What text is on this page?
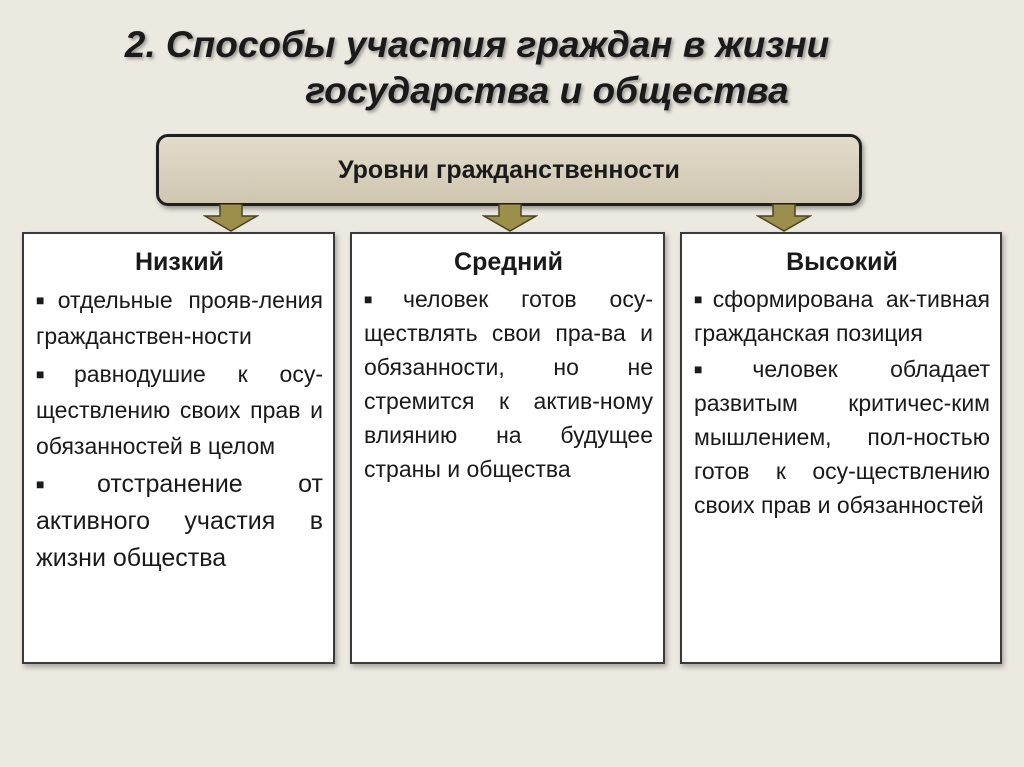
2. Способы участия граждан в жизни
государства и общества
Уровни гражданственности
Низкий

■ отдельные прояв-ления гражданствен-ности

■ равнодушие к осу-ществлению своих прав и обязанностей в целом

■ отстранение от активного участия в жизни общества

Средний

■ человек готов осу-ществлять свои пра-ва и обязанности, но не стремится к актив-ному влиянию на будущее страны и общества

Высокий

■ сформирована ак-тивная гражданская позиция

■ человек обладает развитым критичес-ким мышлением, пол-ностью готов к осу-ществлению своих прав и обязанностей
